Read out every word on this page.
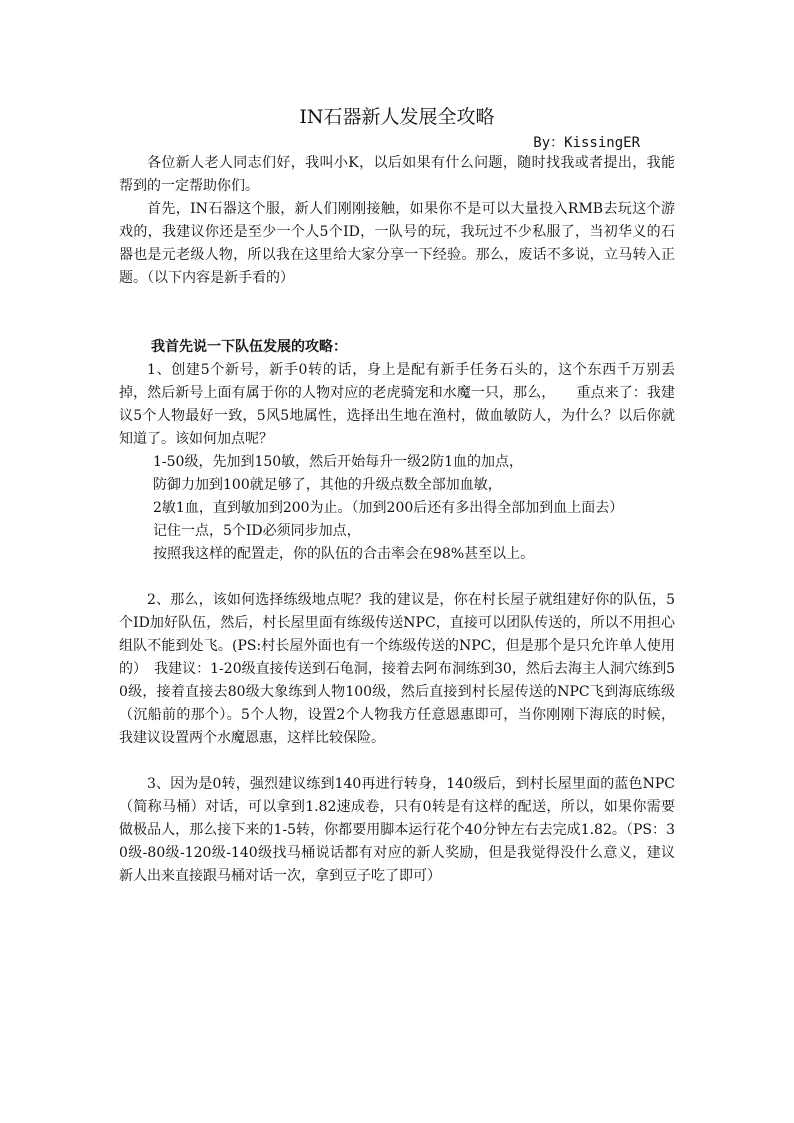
IN石器新人发展全攻略
By：KissingER

各位新人老人同志们好，我叫小K，以后如果有什么问题，随时找我或者提出，我能帮到的一定帮助你们。

首先，IN石器这个服，新人们刚刚接触，如果你不是可以大量投入RMB去玩这个游戏的，我建议你还是至少一个人5个ID，一队号的玩，我玩过不少私服了，当初华义的石器也是元老级人物，所以我在这里给大家分享一下经验。那么，废话不多说，立马转入正题。（以下内容是新手看的）

我首先说一下队伍发展的攻略：

1、创建5个新号，新手0转的话，身上是配有新手任务石头的，这个东西千万别丢掉，然后新号上面有属于你的人物对应的老虎骑宠和水魔一只，那么，　　重点来了：我建议5个人物最好一致，5风5地属性，选择出生地在渔村，做血敏防人，为什么？以后你就知道了。该如何加点呢？

1-50级，先加到150敏，然后开始每升一级2防1血的加点，

防御力加到100就足够了，其他的升级点数全部加血敏，

2敏1血，直到敏加到200为止。（加到200后还有多出得全部加到血上面去）

记住一点，5个ID必须同步加点，

按照我这样的配置走，你的队伍的合击率会在98%甚至以上。

2、那么，该如何选择练级地点呢？我的建议是，你在村长屋子就组建好你的队伍，5个ID加好队伍，然后，村长屋里面有练级传送NPC，直接可以团队传送的，所以不用担心组队不能到处飞。(PS:村长屋外面也有一个练级传送的NPC，但是那个是只允许单人使用的）　我建议：1-20级直接传送到石龟洞，接着去阿布洞练到30，然后去海主人洞穴练到50级，接着直接去80级大象练到人物100级，然后直接到村长屋传送的NPC飞到海底练级（沉船前的那个）。5个人物，设置2个人物我方任意恩惠即可，当你刚刚下海底的时候，我建议设置两个水魔恩惠，这样比较保险。

3、因为是0转，强烈建议练到140再进行转身，140级后，到村长屋里面的蓝色NPC（简称马桶）对话，可以拿到1.82速成卷，只有0转是有这样的配送，所以，如果你需要做极品人，那么接下来的1-5转，你都要用脚本运行花个40分钟左右去完成1.82。（PS：30级-80级-120级-140级找马桶说话都有对应的新人奖励，但是我觉得没什么意义，建议新人出来直接跟马桶对话一次，拿到豆子吃了即可）
